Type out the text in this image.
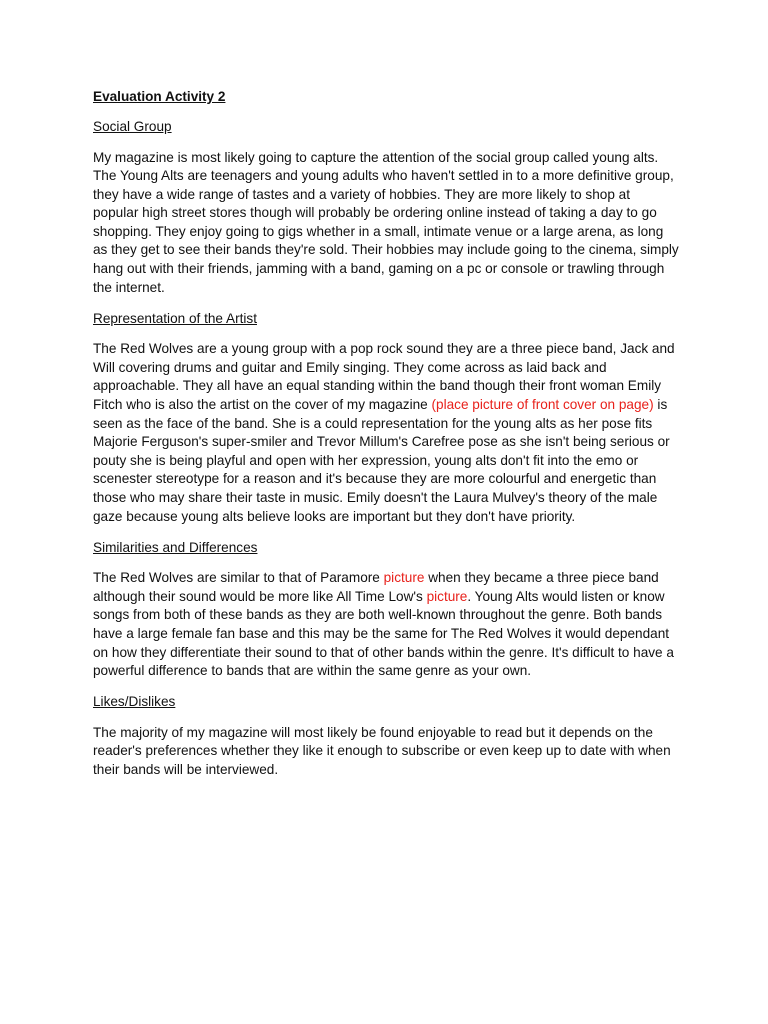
Evaluation Activity 2
Social Group

My magazine is most likely going to capture the attention of the social group called young alts. The Young Alts are teenagers and young adults who haven't settled in to a more definitive group, they have a wide range of tastes and a variety of hobbies. They are more likely to shop at popular high street stores though will probably be ordering online instead of taking a day to go shopping. They enjoy going to gigs whether in a small, intimate venue or a large arena, as long as they get to see their bands they're sold. Their hobbies may include going to the cinema, simply hang out with their friends, jamming with a band, gaming on a pc or console or trawling through the internet.

Representation of the Artist

The Red Wolves are a young group with a pop rock sound they are a three piece band, Jack and Will covering drums and guitar and Emily singing. They come across as laid back and approachable. They all have an equal standing within the band though their front woman Emily Fitch who is also the artist on the cover of my magazine (place picture of front cover on page) is seen as the face of the band. She is a could representation for the young alts as her pose fits Majorie Ferguson's super-smiler and Trevor Millum's Carefree pose as she isn't being serious or pouty she is being playful and open with her expression, young alts don't fit into the emo or scenester stereotype for a reason and it's because they are more colourful and energetic than those who may share their taste in music. Emily doesn't the Laura Mulvey's theory of the male gaze because young alts believe looks are important but they don't have priority.

Similarities and Differences

The Red Wolves are similar to that of Paramore picture when they became a three piece band although their sound would be more like All Time Low's picture. Young Alts would listen or know songs from both of these bands as they are both well-known throughout the genre. Both bands have a large female fan base and this may be the same for The Red Wolves it would dependant on how they differentiate their sound to that of other bands within the genre. It's difficult to have a powerful difference to bands that are within the same genre as your own.

Likes/Dislikes

The majority of my magazine will most likely be found enjoyable to read but it depends on the reader's preferences whether they like it enough to subscribe or even keep up to date with when their bands will be interviewed.
